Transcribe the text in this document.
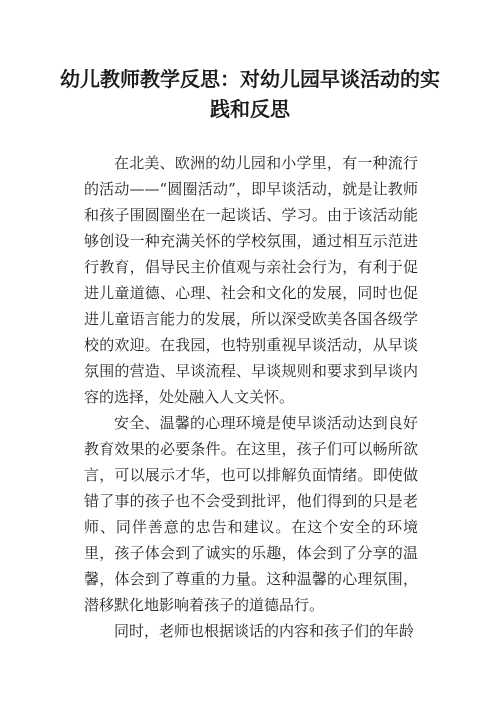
幼儿教师教学反思：对幼儿园早谈活动的实践和反思

在北美、欧洲的幼儿园和小学里，有一种流行的活动——“圆圈活动”，即早谈活动，就是让教师和孩子围圆圈坐在一起谈话、学习。由于该活动能够创设一种充满关怀的学校氛围，通过相互示范进行教育，倡导民主价值观与亲社会行为，有利于促进儿童道德、心理、社会和文化的发展，同时也促进儿童语言能力的发展，所以深受欧美各国各级学校的欢迎。在我园，也特别重视早谈活动，从早谈氛围的营造、早谈流程、早谈规则和要求到早谈内容的选择，处处融入人文关怀。

安全、温馨的心理环境是使早谈活动达到良好教育效果的必要条件。在这里，孩子们可以畅所欲言，可以展示才华，也可以排解负面情绪。即使做错了事的孩子也不会受到批评，他们得到的只是老师、同伴善意的忠告和建议。在这个安全的环境里，孩子体会到了诚实的乐趣，体会到了分享的温馨，体会到了尊重的力量。这种温馨的心理氛围，潜移默化地影响着孩子的道德品行。

同时，老师也根据谈话的内容和孩子们的年龄
